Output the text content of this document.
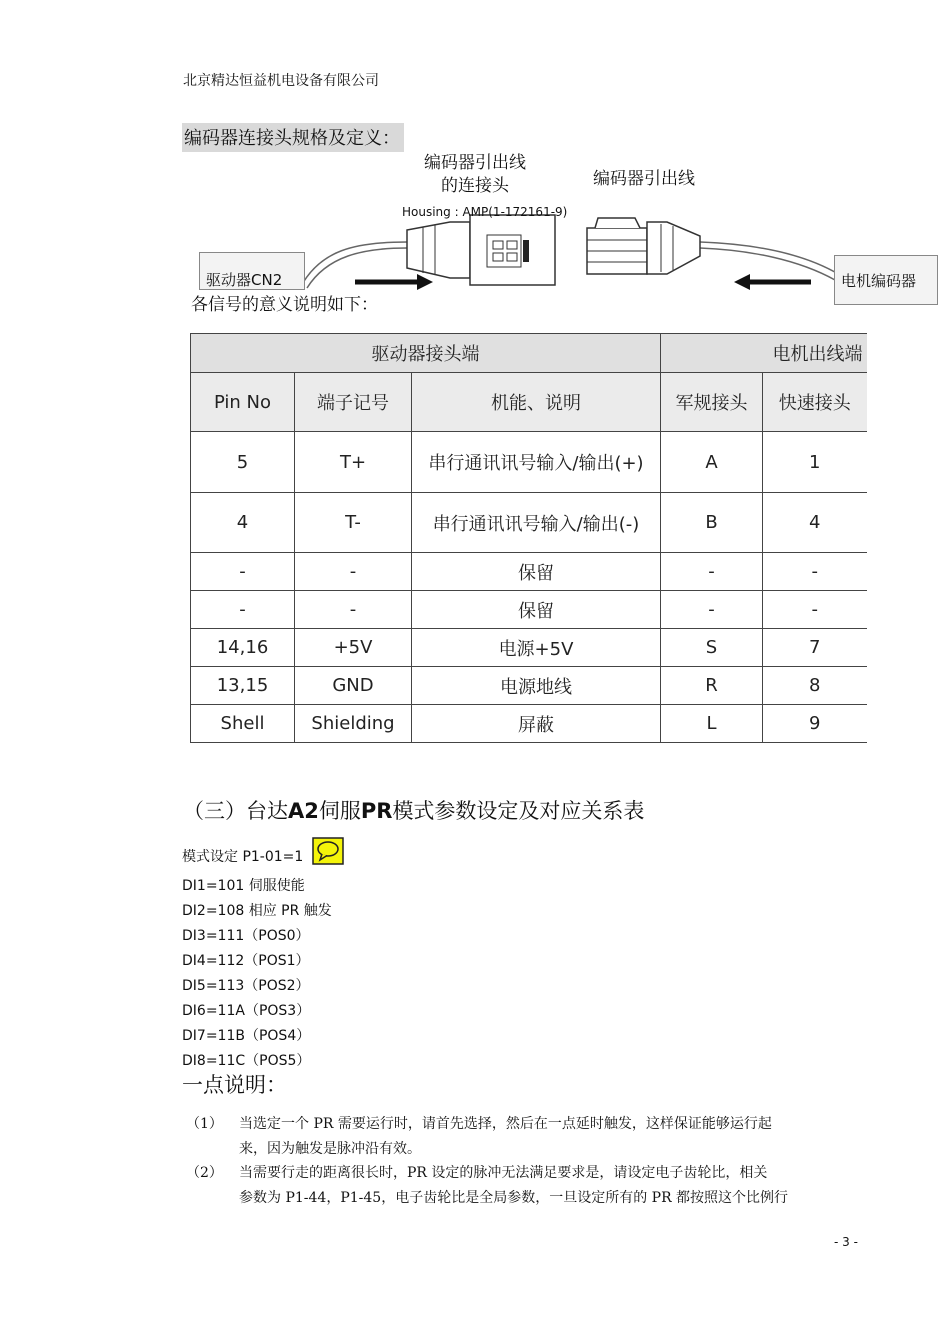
北京精达恒益机电设备有限公司
编码器连接头规格及定义：
编码器引出线
的连接头
Housing : AMP(1-172161-9)
编码器引出线
驱动器CN2	电机编码器
各信号的意义说明如下：
驱动器接头端			电机出线端	
Pin No	端子记号	机能、说明	军规接头	快速接头
5	T+	串行通讯讯号输入/输出(+)	A	1
4	T-	串行通讯讯号输入/输出(-)	B	4
-	-	保留	-	-
-	-	保留	-	-
14,16	+5V	电源+5V	S	7
13,15	GND	电源地线	R	8
Shell	Shielding	屏蔽	L	9
（三）台达A2伺服PR模式参数设定及对应关系表
模式设定 P1-01=1
DI1=101 伺服使能
DI2=108 相应 PR 触发
DI3=111（POS0）
DI4=112（POS1）
DI5=113（POS2）
DI6=11A（POS3）
DI7=11B（POS4）
DI8=11C（POS5）
一点说明：
（1） 当选定一个 PR 需要运行时，请首先选择，然后在一点延时触发，这样保证能够运行起
来，因为触发是脉冲沿有效。
（2） 当需要行走的距离很长时，PR 设定的脉冲无法满足要求是，请设定电子齿轮比，相关
参数为 P1-44，P1-45，电子齿轮比是全局参数，一旦设定所有的 PR 都按照这个比例行
- 3 -
